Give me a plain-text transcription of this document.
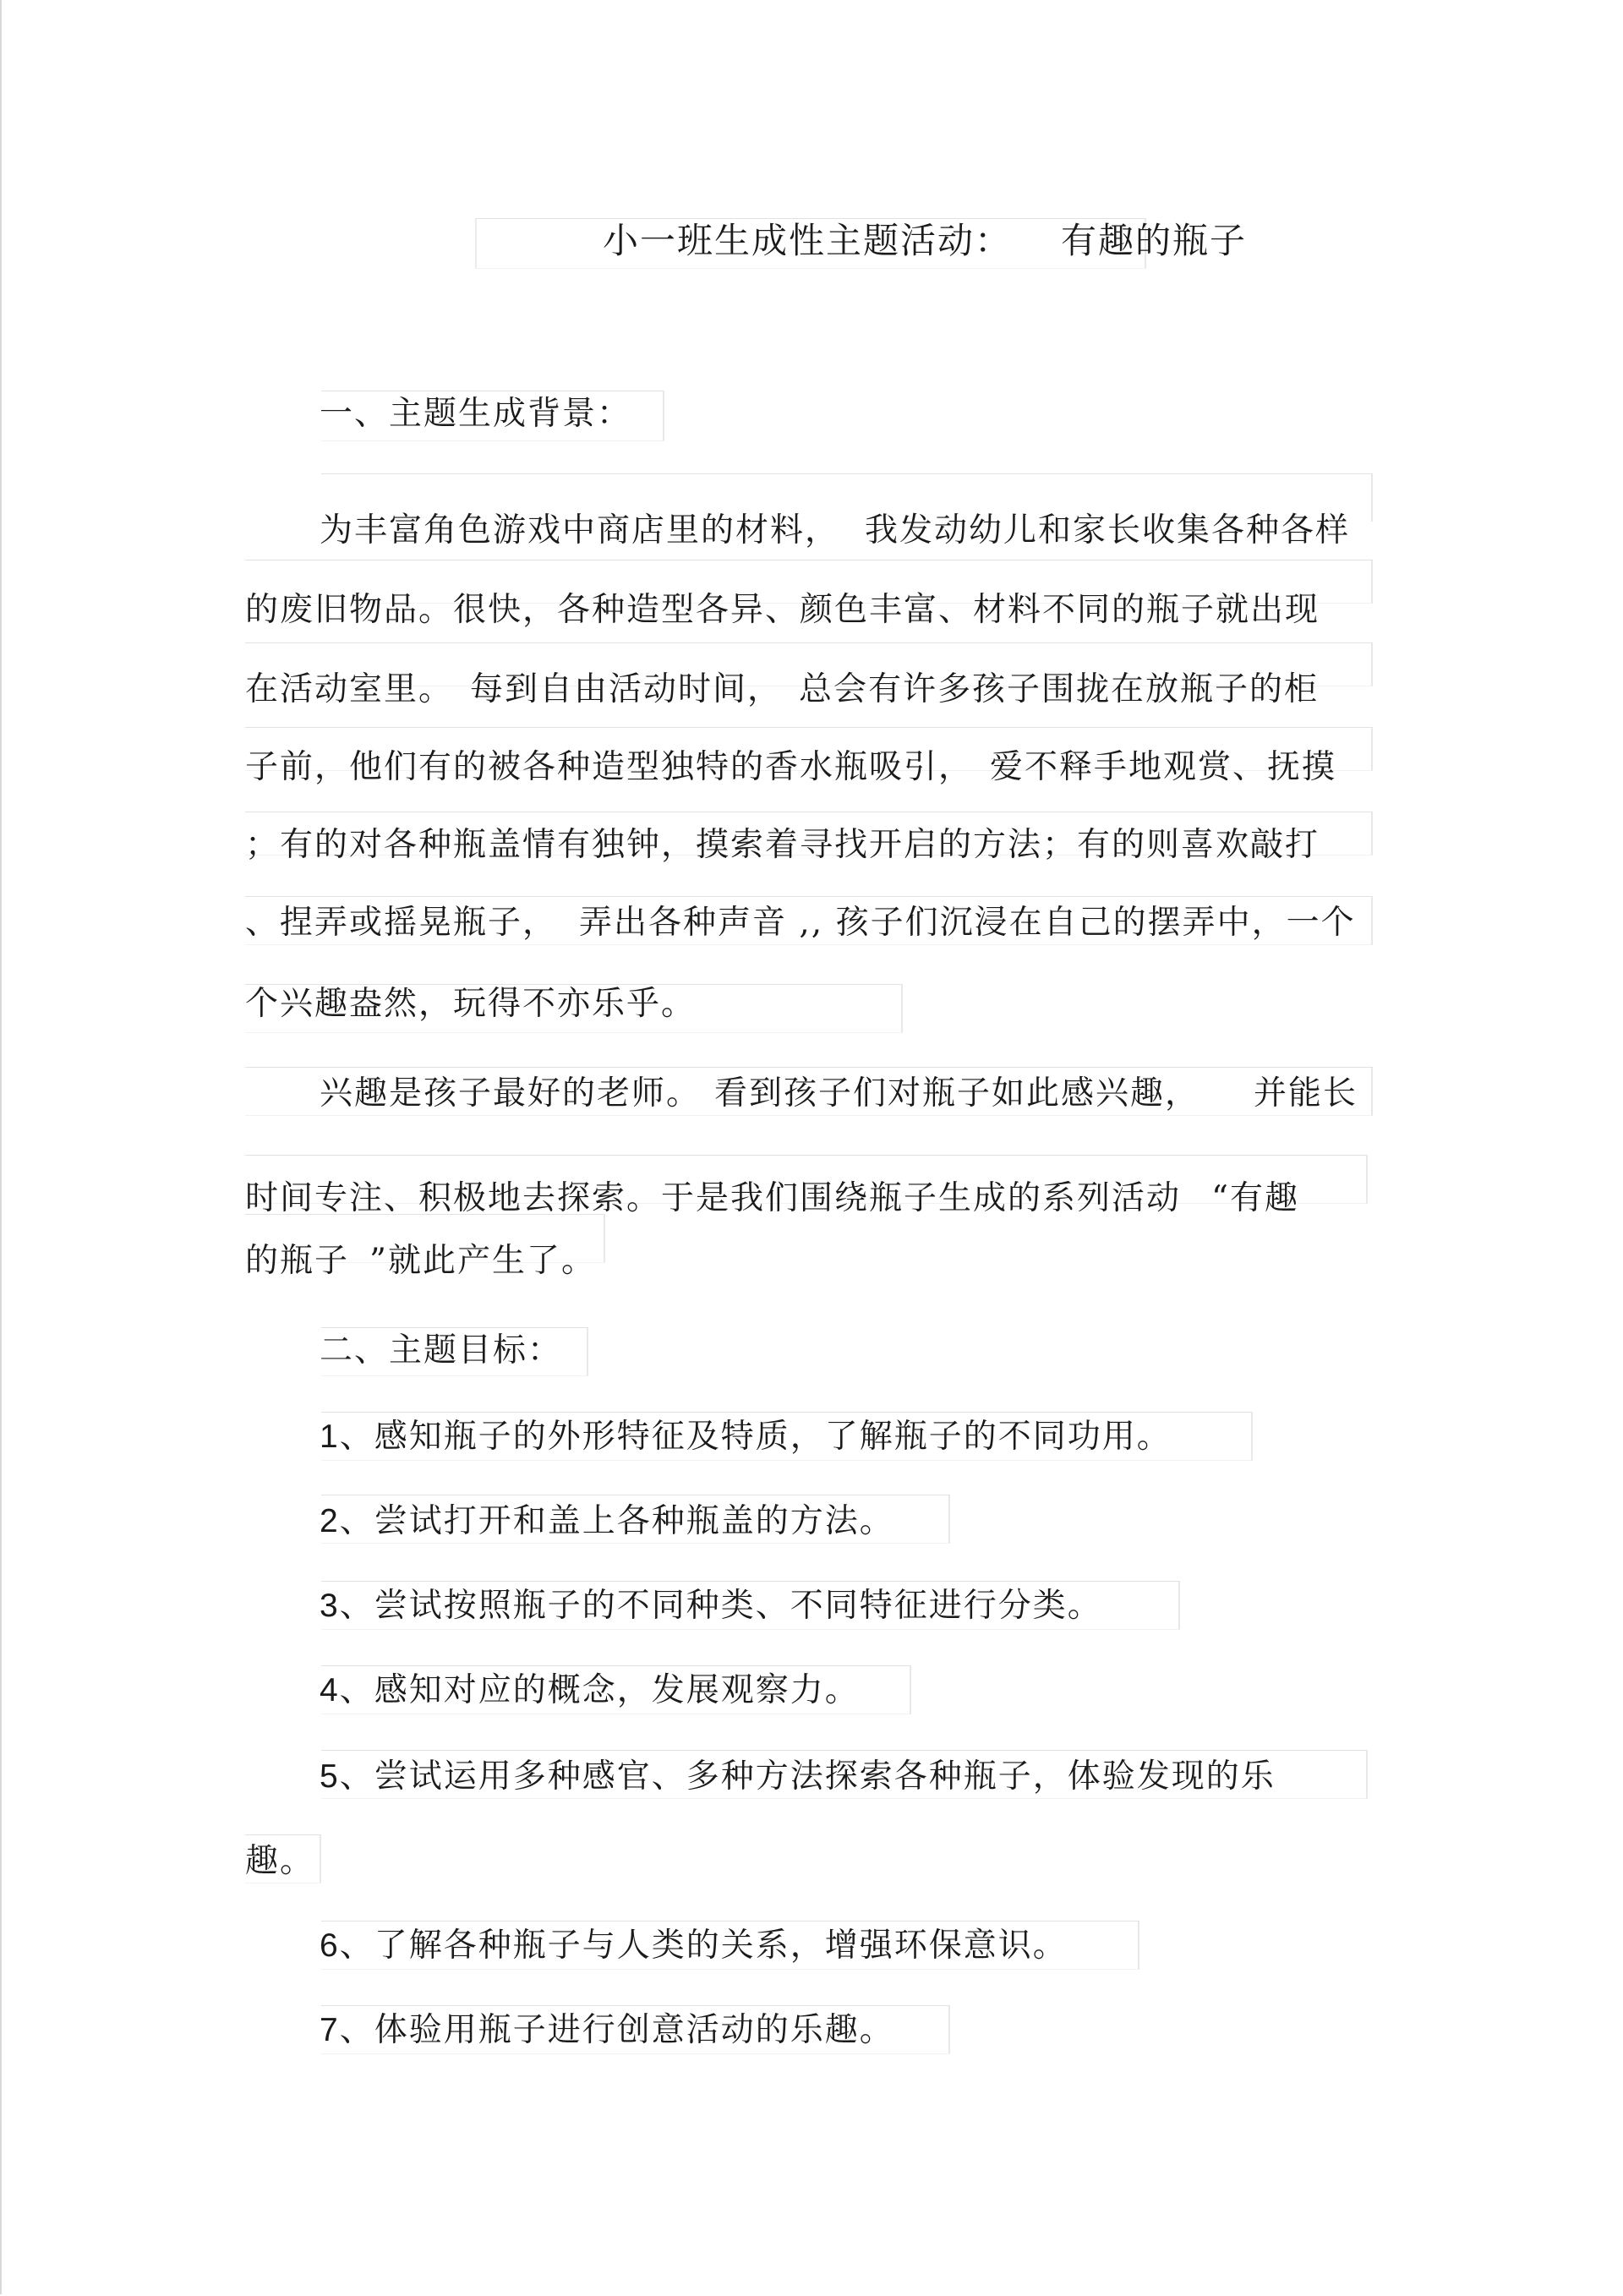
小一班生成性主题活动： 有趣的瓶子
一、主题生成背景：
为丰富角色游戏中商店里的材料， 我发动幼儿和家长收集各种各样
的废旧物品。很快，各种造型各异、颜色丰富、材料不同的瓶子就出现
在活动室里。 每到自由活动时间， 总会有许多孩子围拢在放瓶子的柜
子前，他们有的被各种造型独特的香水瓶吸引， 爱不释手地观赏、抚摸
；有的对各种瓶盖情有独钟，摸索着寻找开启的方法；有的则喜欢敲打
、捏弄或摇晃瓶子， 弄出各种声音 ,, 孩子们沉浸在自己的摆弄中，一个
个兴趣盎然，玩得不亦乐乎。
兴趣是孩子最好的老师。 看到孩子们对瓶子如此感兴趣， 并能长
时间专注、积极地去探索。于是我们围绕瓶子生成的系列活动 “有趣
的瓶子 ”就此产生了。
二、主题目标：
1、感知瓶子的外形特征及特质，了解瓶子的不同功用。
2、尝试打开和盖上各种瓶盖的方法。
3、尝试按照瓶子的不同种类、不同特征进行分类。
4、感知对应的概念，发展观察力。
5、尝试运用多种感官、多种方法探索各种瓶子，体验发现的乐
趣。
6、了解各种瓶子与人类的关系，增强环保意识。
7、体验用瓶子进行创意活动的乐趣。
